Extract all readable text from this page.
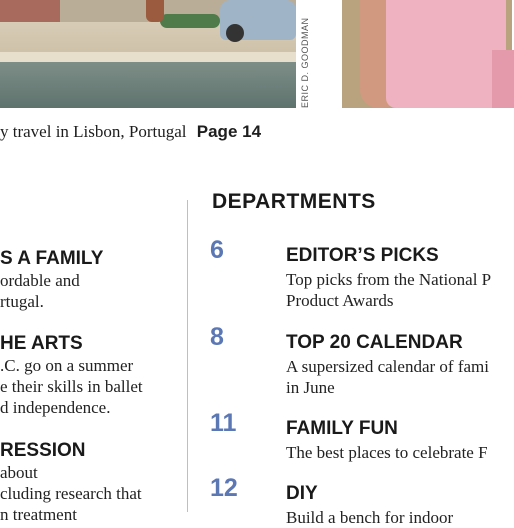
ERIC D. GOODMAN
y travel in Lisbon, Portugal Page 14
S A FAMILY

ordable and

rtugal.

HE ARTS

.C. go on a summer

e their skills in ballet

d independence.

RESSION

about

cluding research that

n treatment

DEPARTMENTS
6	EDITOR’S PICKS
Top picks from the National P
Product Awards
8	TOP 20 CALENDAR
A supersized calendar of fami
in June
11	FAMILY FUN
The best places to celebrate F
12	DIY
Build a bench for indoor
